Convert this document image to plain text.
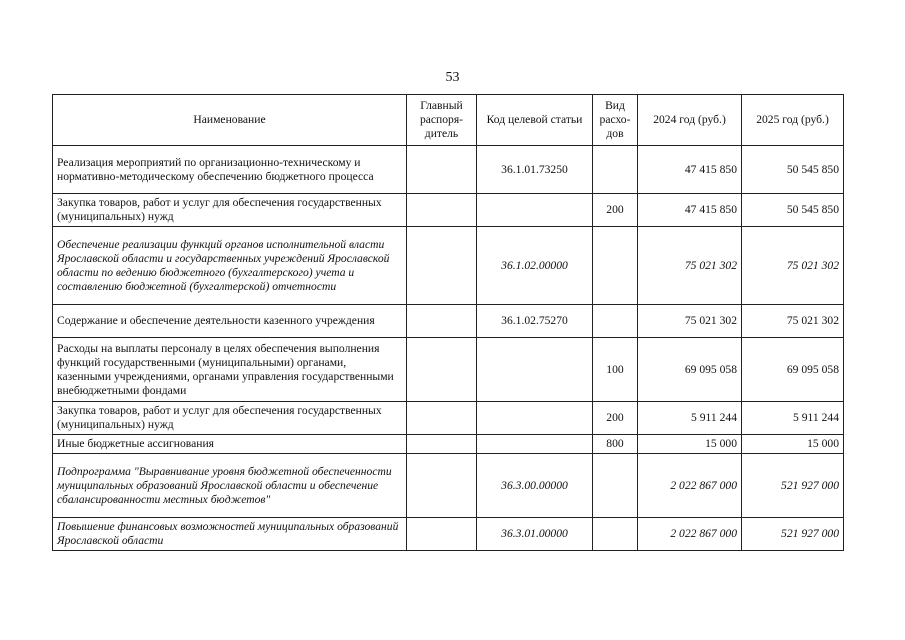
53
Наименование	Главный распоря-дитель	Код целевой статьи	Вид расхо-дов	2024 год (руб.)	2025 год (руб.)
Реализация мероприятий по организационно-техническому и нормативно-методическому обеспечению бюджетного процесса		36.1.01.73250		47 415 850	50 545 850
Закупка товаров, работ и услуг для обеспечения государственных (муниципальных) нужд			200	47 415 850	50 545 850
Обеспечение реализации функций органов исполнительной власти Ярославской области и государственных учреждений Ярославской области по ведению бюджетного (бухгалтерского) учета и составлению бюджетной (бухгалтерской) отчетности		36.1.02.00000		75 021 302	75 021 302
Содержание и обеспечение деятельности казенного учреждения		36.1.02.75270		75 021 302	75 021 302
Расходы на выплаты персоналу в целях обеспечения выполнения функций государственными (муниципальными) органами, казенными учреждениями, органами управления государственными внебюджетными фондами			100	69 095 058	69 095 058
Закупка товаров, работ и услуг для обеспечения государственных (муниципальных) нужд			200	5 911 244	5 911 244
Иные бюджетные ассигнования			800	15 000	15 000
Подпрограмма "Выравнивание уровня бюджетной обеспеченности муниципальных образований Ярославской области и обеспечение сбалансированности местных бюджетов"		36.3.00.00000		2 022 867 000	521 927 000
Повышение финансовых возможностей муниципальных образований Ярославской области		36.3.01.00000		2 022 867 000	521 927 000
